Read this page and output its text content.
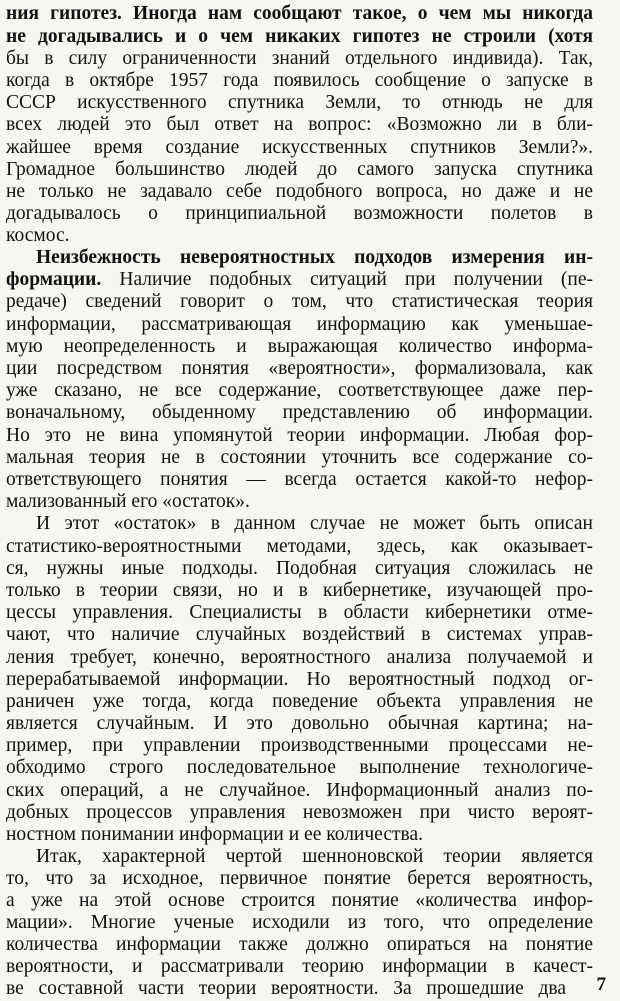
ния гипотез. Иногда нам сообщают такое, о чем мы никогда
не догадывались и о чем никаких гипотез не строили (хотя
бы в силу ограниченности знаний отдельного индивида). Так,
когда в октябре 1957 года появилось сообщение о запуске в
СССР искусственного спутника Земли, то отнюдь не для
всех людей это был ответ на вопрос: «Возможно ли в бли-
жайшее время создание искусственных спутников Земли?».
Громадное большинство людей до самого запуска спутника
не только не задавало себе подобного вопроса, но даже и не
догадывалось о принципиальной возможности полетов в
космос.
Неизбежность невероятностных подходов измерения ин-
формации. Наличие подобных ситуаций при получении (пе-
редаче) сведений говорит о том, что статистическая теория
информации, рассматривающая информацию как уменьшае-
мую неопределенность и выражающая количество информа-
ции посредством понятия «вероятности», формализовала, как
уже сказано, не все содержание, соответствующее даже пер-
воначальному, обыденному представлению об информации.
Но это не вина упомянутой теории информации. Любая фор-
мальная теория не в состоянии уточнить все содержание со-
ответствующего понятия — всегда остается какой-то нефор-
мализованный его «остаток».
И этот «остаток» в данном случае не может быть описан
статистико-вероятностными методами, здесь, как оказывает-
ся, нужны иные подходы. Подобная ситуация сложилась не
только в теории связи, но и в кибернетике, изучающей про-
цессы управления. Специалисты в области кибернетики отме-
чают, что наличие случайных воздействий в системах управ-
ления требует, конечно, вероятностного анализа получаемой и
перерабатываемой информации. Но вероятностный подход ог-
раничен уже тогда, когда поведение объекта управления не
является случайным. И это довольно обычная картина; на-
пример, при управлении производственными процессами не-
обходимо строго последовательное выполнение технологиче-
ских операций, а не случайное. Информационный анализ по-
добных процессов управления невозможен при чисто вероят-
ностном понимании информации и ее количества.
Итак, характерной чертой шенноновской теории является
то, что за исходное, первичное понятие берется вероятность,
а уже на этой основе строится понятие «количества инфор-
мации». Многие ученые исходили из того, что определение
количества информации также должно опираться на понятие
вероятности, и рассматривали теорию информации в качест-
ве составной части теории вероятности. За прошедшие два 7
